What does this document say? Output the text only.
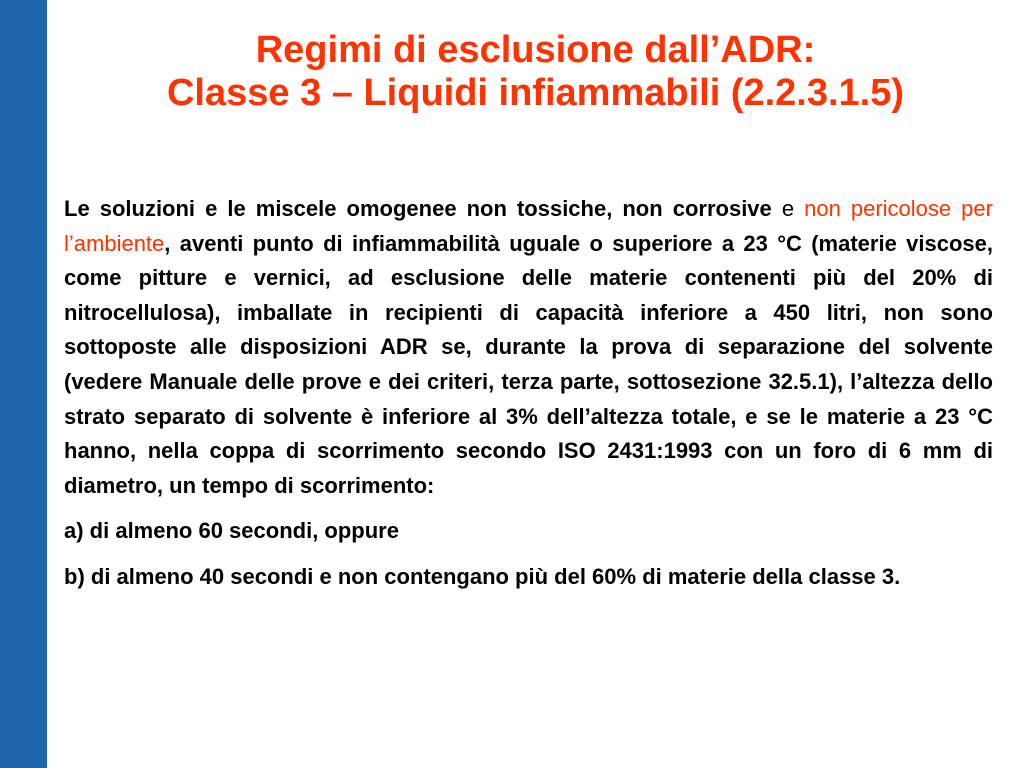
Regimi di esclusione dall’ADR:
Classe 3 – Liquidi infiammabili (2.2.3.1.5)

Le soluzioni e le miscele omogenee non tossiche, non corrosive e non pericolose per l’ambiente, aventi punto di infiammabilità uguale o superiore a 23 °C (materie viscose, come pitture e vernici, ad esclusione delle materie contenenti più del 20% di nitrocellulosa), imballate in recipienti di capacità inferiore a 450 litri, non sono sottoposte alle disposizioni ADR se, durante la prova di separazione del solvente (vedere Manuale delle prove e dei criteri, terza parte, sottosezione 32.5.1), l’altezza dello strato separato di solvente è inferiore al 3% dell’altezza totale, e se le materie a 23 °C hanno, nella coppa di scorrimento secondo ISO 2431:1993 con un foro di 6 mm di diametro, un tempo di scorrimento:

a) di almeno 60 secondi, oppure

b) di almeno 40 secondi e non contengano più del 60% di materie della classe 3.
